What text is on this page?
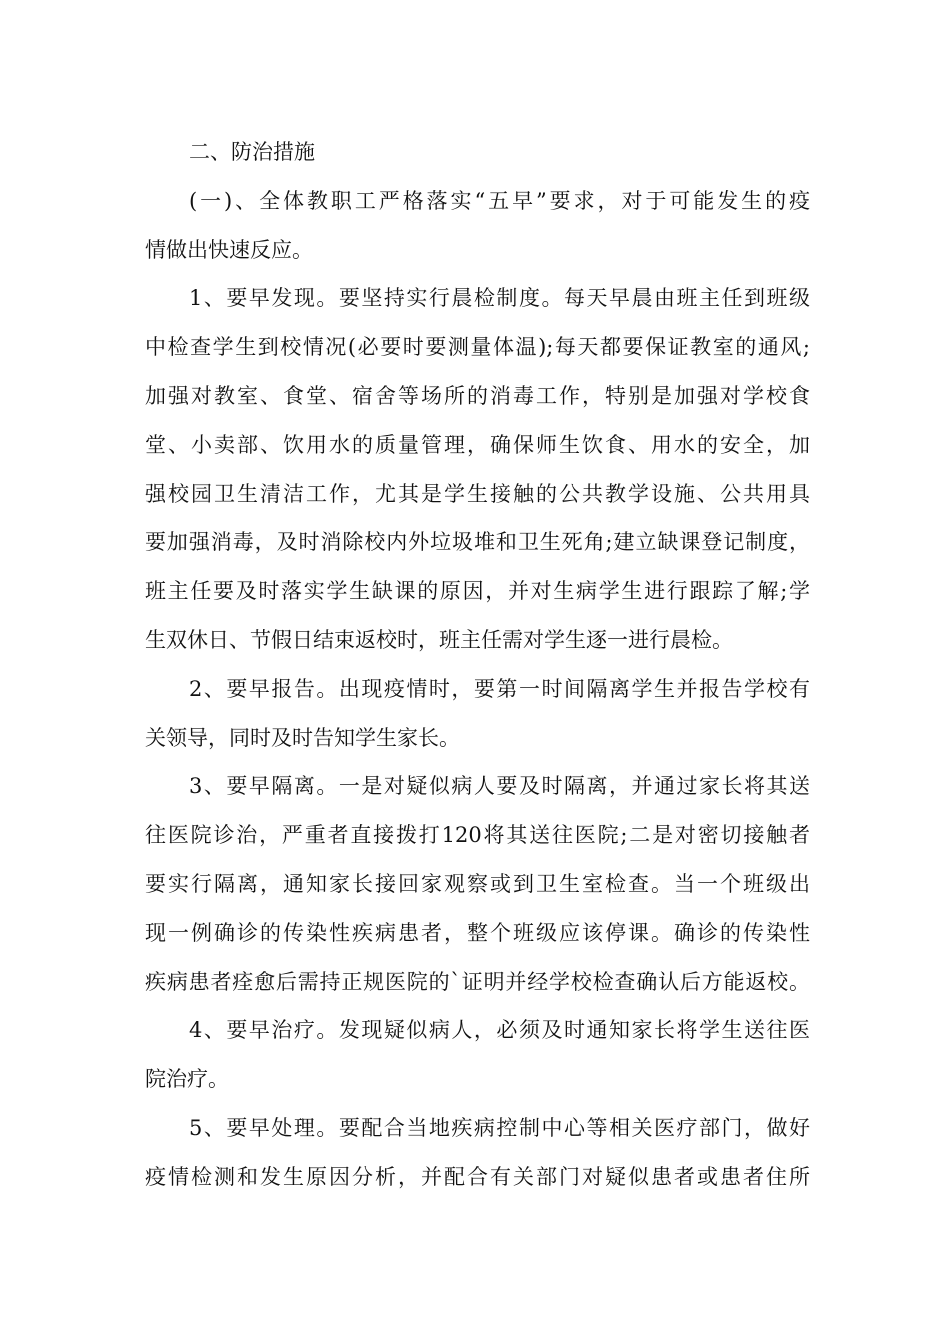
二、防治措施
(一)、全体教职工严格落实“五早”要求，对于可能发生的疫
情做出快速反应。
1、要早发现。要坚持实行晨检制度。每天早晨由班主任到班级
中检查学生到校情况(必要时要测量体温);每天都要保证教室的通风;
加强对教室、食堂、宿舍等场所的消毒工作，特别是加强对学校食
堂、小卖部、饮用水的质量管理，确保师生饮食、用水的安全，加
强校园卫生清洁工作，尤其是学生接触的公共教学设施、公共用具
要加强消毒，及时消除校内外垃圾堆和卫生死角;建立缺课登记制度，
班主任要及时落实学生缺课的原因，并对生病学生进行跟踪了解;学
生双休日、节假日结束返校时，班主任需对学生逐一进行晨检。
2、要早报告。出现疫情时，要第一时间隔离学生并报告学校有
关领导，同时及时告知学生家长。
3、要早隔离。一是对疑似病人要及时隔离，并通过家长将其送
往医院诊治，严重者直接拨打120将其送往医院;二是对密切接触者
要实行隔离，通知家长接回家观察或到卫生室检查。当一个班级出
现一例确诊的传染性疾病患者，整个班级应该停课。确诊的传染性
疾病患者痊愈后需持正规医院的`证明并经学校检查确认后方能返校。
4、要早治疗。发现疑似病人，必须及时通知家长将学生送往医
院治疗。
5、要早处理。要配合当地疾病控制中心等相关医疗部门，做好
疫情检测和发生原因分析，并配合有关部门对疑似患者或患者住所
